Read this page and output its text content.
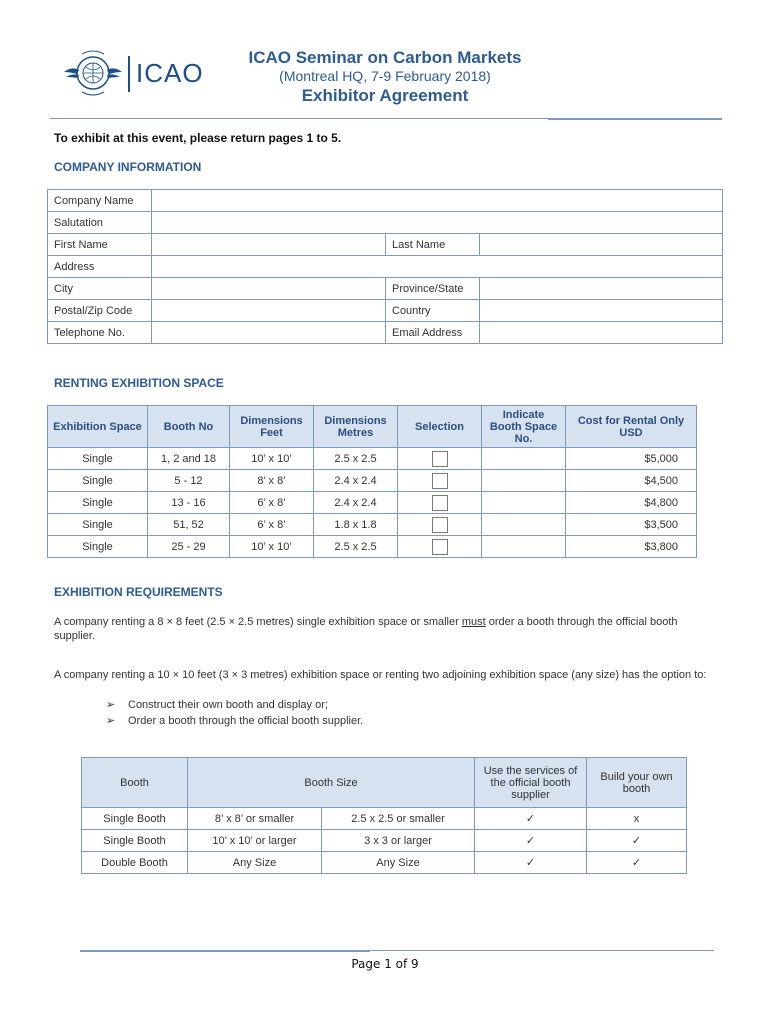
ICAO
ICAO Seminar on Carbon Markets
(Montreal HQ, 7-9 February 2018)
Exhibitor Agreement
To exhibit at this event, please return pages 1 to 5.
COMPANY INFORMATION
Company Name			
Salutation			
First Name		Last Name	
Address			
City		Province/State	
Postal/Zip Code		Country	
Telephone No.		Email Address	
RENTING EXHIBITION SPACE
Exhibition Space	Booth No	Dimensions Feet	Dimensions Metres	Selection	Indicate Booth Space No.	Cost for Rental Only USD
Single	1, 2 and 18	10’ x 10’	2.5 x 2.5			$5,000
Single	5 - 12	8’ x 8’	2.4 x 2.4			$4,500
Single	13 - 16	6’ x 8’	2.4 x 2.4			$4,800
Single	51, 52	6’ x 8’	1.8 x 1.8			$3,500
Single	25 - 29	10’ x 10’	2.5 x 2.5			$3,800
EXHIBITION REQUIREMENTS
A company renting a 8 × 8 feet (2.5 × 2.5 metres) single exhibition space or smaller must order a booth through the official booth supplier.
A company renting a 10 × 10 feet (3 × 3 metres) exhibition space or renting two adjoining exhibition space (any size) has the option to:
➢ Construct their own booth and display or;
➢ Order a booth through the official booth supplier.
Booth	Booth Size		Use the services of the official booth supplier	Build your own booth
Single Booth	8’ x 8’ or smaller	2.5 x 2.5 or smaller	✓	x
Single Booth	10’ x 10’ or larger	3 x 3 or larger	✓	✓
Double Booth	Any Size	Any Size	✓	✓
Page 1 of 9
